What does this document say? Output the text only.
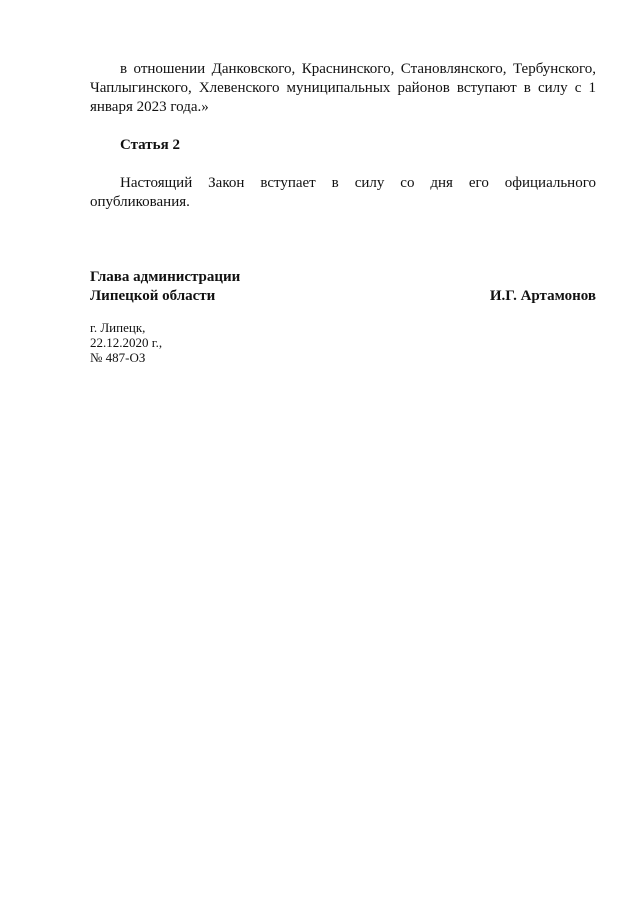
в отношении Данковского, Краснинского, Становлянского, Тербунского, Чаплыгинского, Хлевенского муниципальных районов вступают в силу с 1 января 2023 года.»

Статья 2

Настоящий Закон вступает в силу со дня его официального опубликования.

Глава администрации
Липецкой области	И.Г. Артамонов
г. Липецк,
22.12.2020 г.,
№ 487-ОЗ
